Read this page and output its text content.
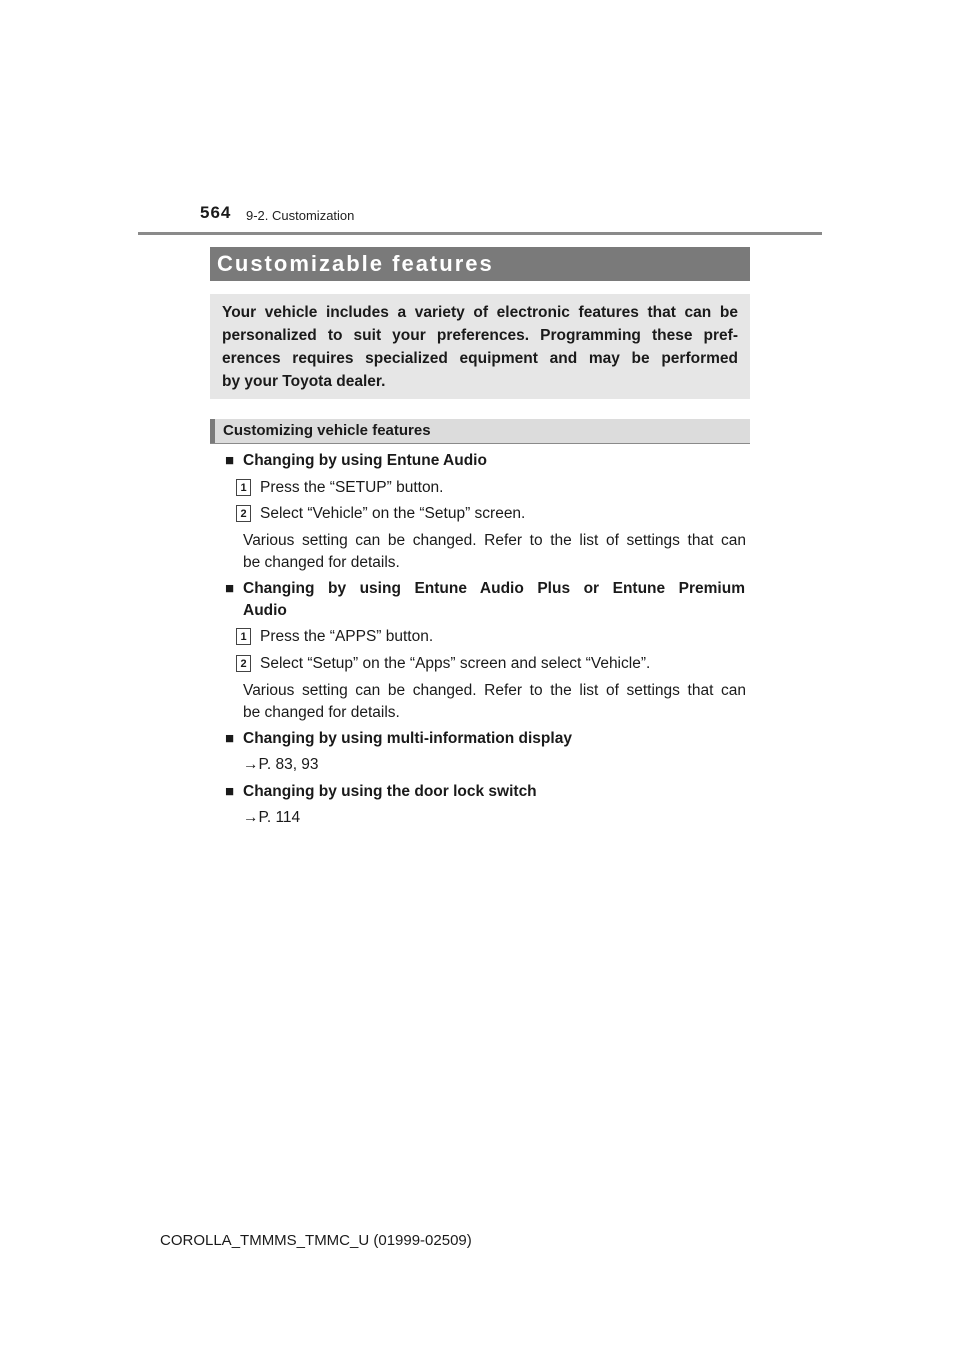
564 9-2. Customization
Customizable features
Your vehicle includes a variety of electronic features that can be
personalized to suit your preferences. Programming these pref-
erences requires specialized equipment and may be performed
by your Toyota dealer.
Customizing vehicle features
■ Changing by using Entune Audio
1 Press the “SETUP” button.
2 Select “Vehicle” on the “Setup” screen.
Various setting can be changed. Refer to the list of settings that can
be changed for details.
■ Changing by using Entune Audio Plus or Entune Premium
Audio
1 Press the “APPS” button.
2 Select “Setup” on the “Apps” screen and select “Vehicle”.
Various setting can be changed. Refer to the list of settings that can
be changed for details.
■ Changing by using multi-information display
→P. 83, 93
■ Changing by using the door lock switch
→P. 114
COROLLA_TMMMS_TMMC_U (01999-02509)
